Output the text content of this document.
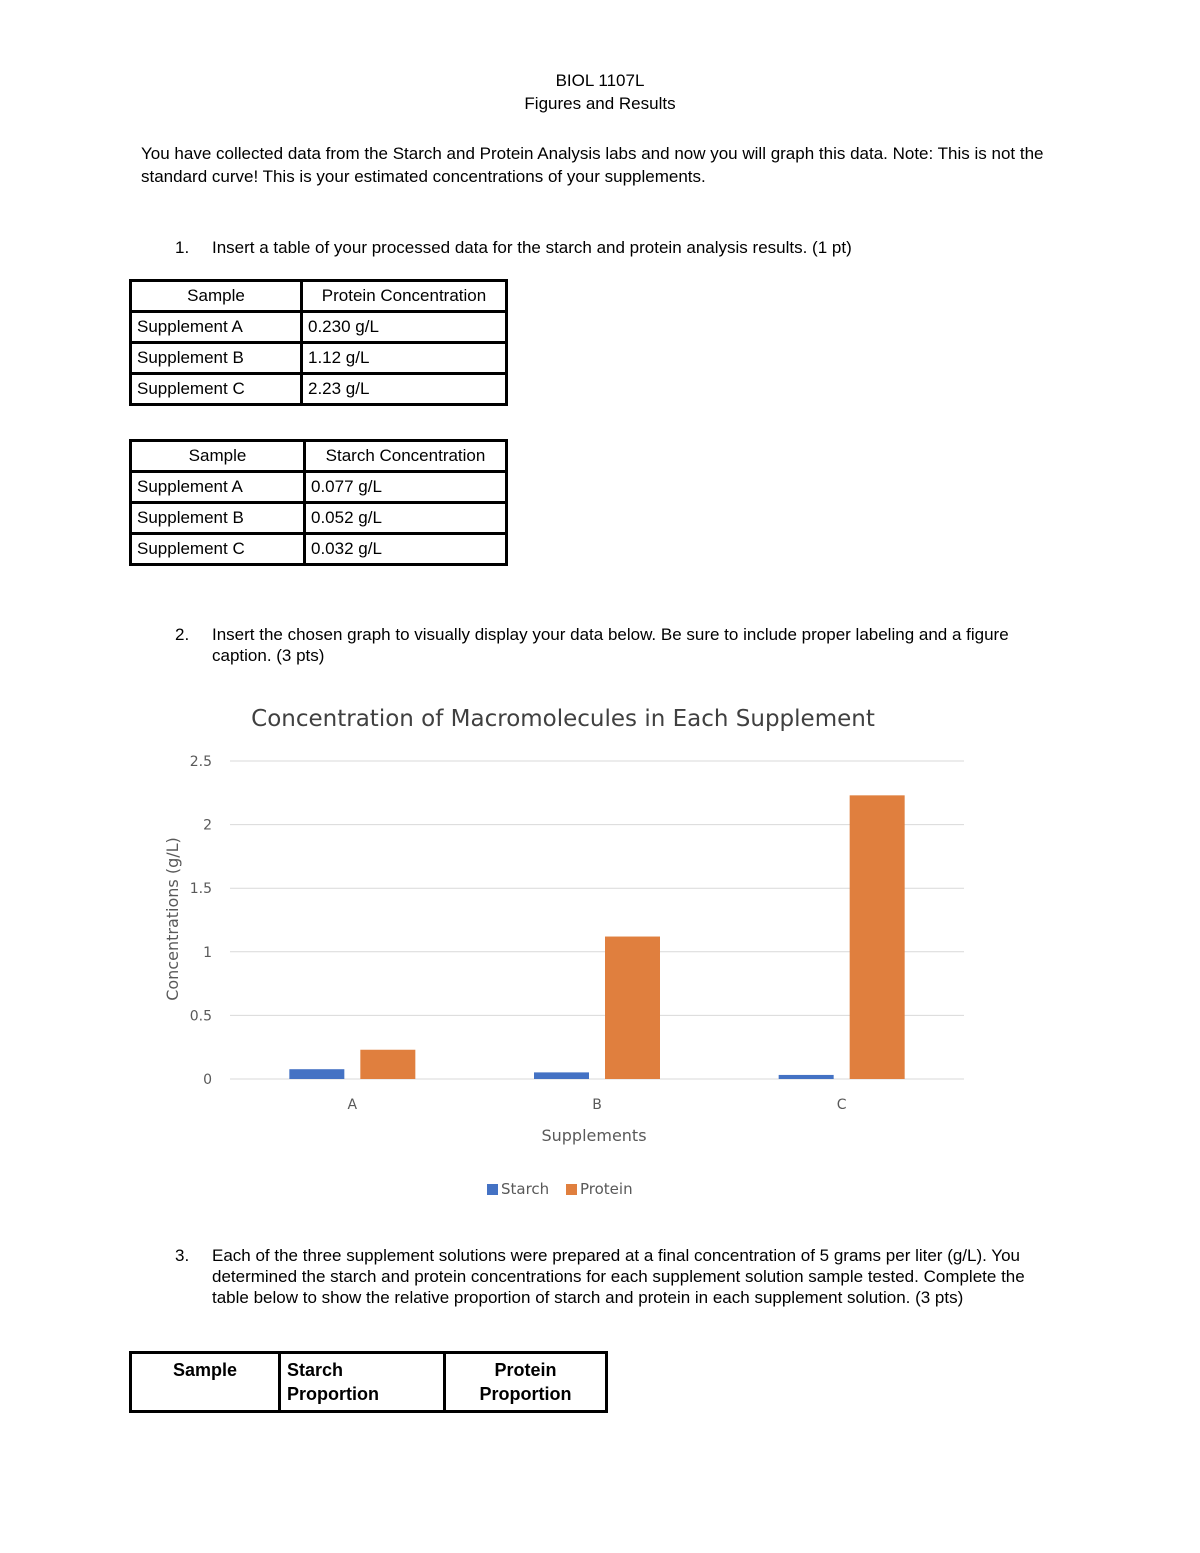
BIOL 1107L
Figures and Results
You have collected data from the Starch and Protein Analysis labs and now you will graph this data. Note: This is not the standard curve! This is your estimated concentrations of your supplements.
1. Insert a table of your processed data for the starch and protein analysis results. (1 pt)
Sample	Protein Concentration
Supplement A	0.230 g/L
Supplement B	1.12 g/L
Supplement C	2.23 g/L
Sample	Starch Concentration
Supplement A	0.077 g/L
Supplement B	0.052 g/L
Supplement C	0.032 g/L
2. Insert the chosen graph to visually display your data below. Be sure to include proper labeling and a figure caption. (3 pts)
Concentration of Macromolecules in Each Supplement
0
0.5
1
1.5
2
2.5
A	B	C
Concentrations (g/L)
Supplements
Starch Protein
3. Each of the three supplement solutions were prepared at a final concentration of 5 grams per liter (g/L). You determined the starch and protein concentrations for each supplement solution sample tested. Complete the table below to show the relative proportion of starch and protein in each supplement solution. (3 pts)
Sample	Starch Proportion	Protein Proportion
